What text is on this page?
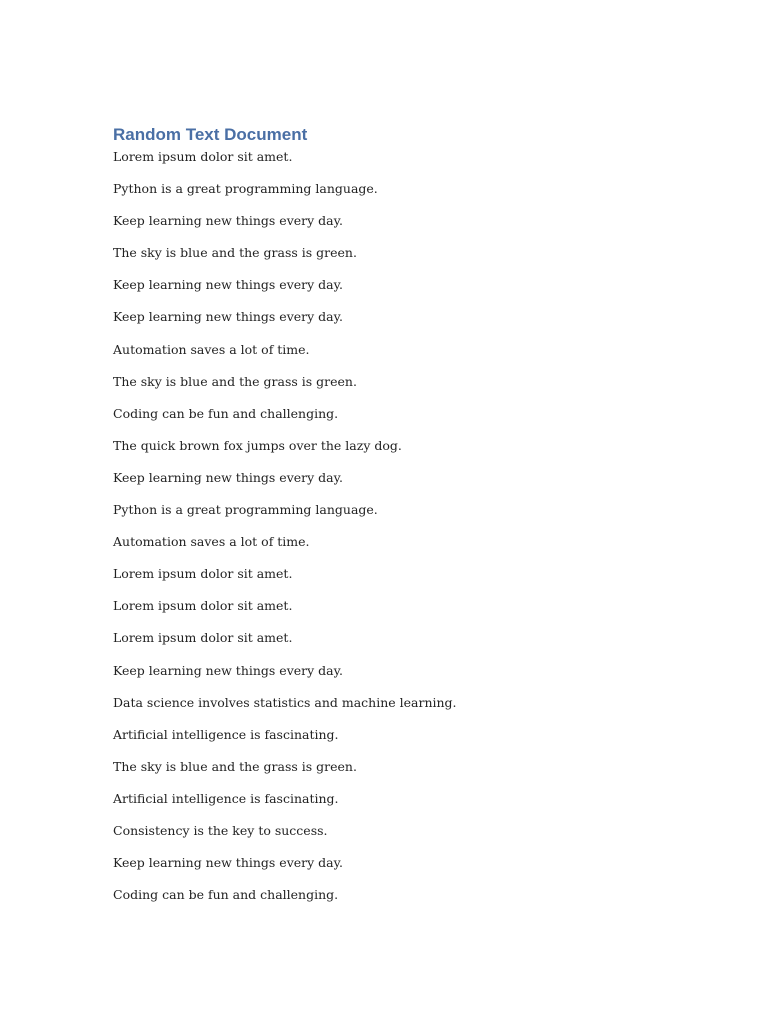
Random Text Document

Lorem ipsum dolor sit amet.

Python is a great programming language.

Keep learning new things every day.

The sky is blue and the grass is green.

Keep learning new things every day.

Keep learning new things every day.

Automation saves a lot of time.

The sky is blue and the grass is green.

Coding can be fun and challenging.

The quick brown fox jumps over the lazy dog.

Keep learning new things every day.

Python is a great programming language.

Automation saves a lot of time.

Lorem ipsum dolor sit amet.

Lorem ipsum dolor sit amet.

Lorem ipsum dolor sit amet.

Keep learning new things every day.

Data science involves statistics and machine learning.

Artificial intelligence is fascinating.

The sky is blue and the grass is green.

Artificial intelligence is fascinating.

Consistency is the key to success.

Keep learning new things every day.

Coding can be fun and challenging.
